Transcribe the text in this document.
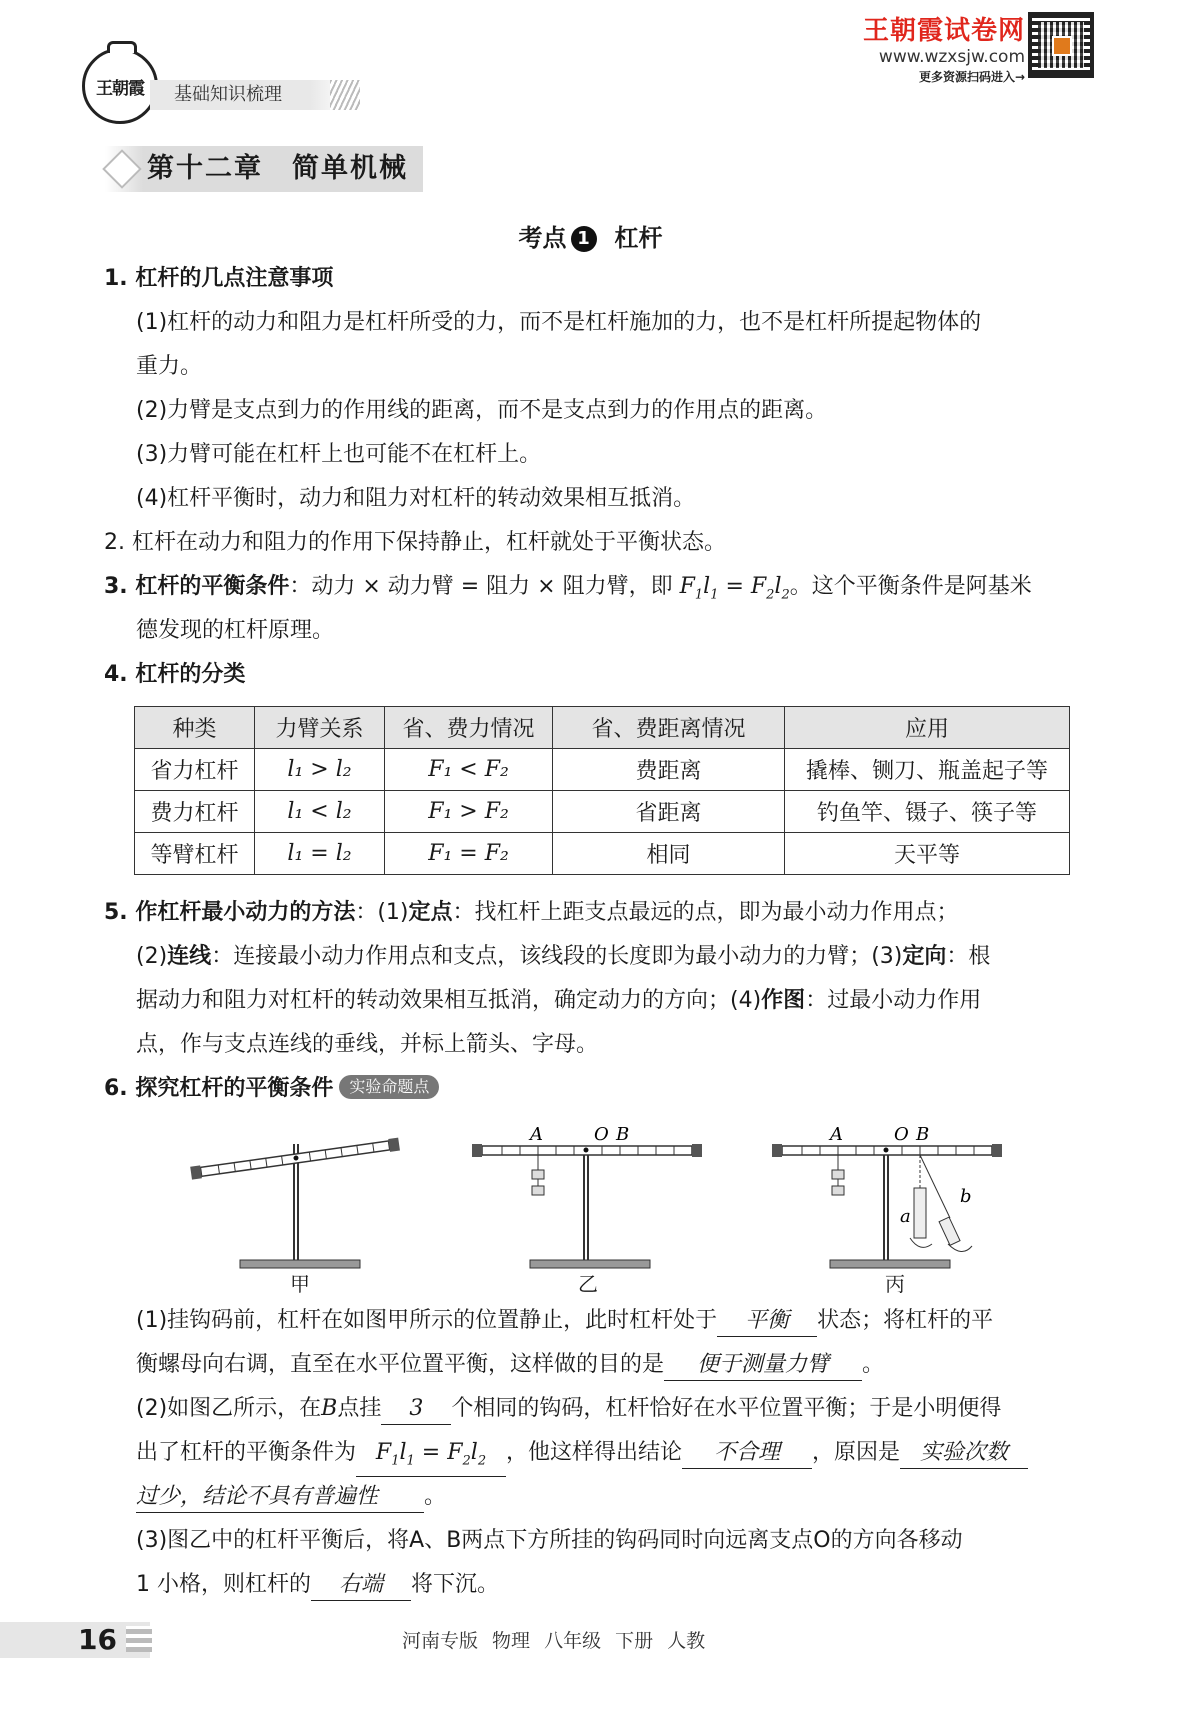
王朝霞	基础知识梳理
王朝霞试卷网
www.wzxsjw.com
更多资源扫码进入→
第十二章　简单机械
考点 1 杠杆
1. 杠杆的几点注意事项
(1)杠杆的动力和阻力是杠杆所受的力，而不是杠杆施加的力，也不是杠杆所提起物体的
重力。
(2)力臂是支点到力的作用线的距离，而不是支点到力的作用点的距离。
(3)力臂可能在杠杆上也可能不在杠杆上。
(4)杠杆平衡时，动力和阻力对杠杆的转动效果相互抵消。
2. 杠杆在动力和阻力的作用下保持静止，杠杆就处于平衡状态。
3. 杠杆的平衡条件：动力 × 动力臂 = 阻力 × 阻力臂，即 $F_1l_1 = F_2l_2$。这个平衡条件是阿基米
德发现的杠杆原理。
4. 杠杆的分类
种类	力臂关系	省、费力情况	省、费距离情况	应用
省力杠杆	l₁ > l₂	F₁ < F₂	费距离	撬棒、铡刀、瓶盖起子等
费力杠杆	l₁ < l₂	F₁ > F₂	省距离	钓鱼竿、镊子、筷子等
等臂杠杆	l₁ = l₂	F₁ = F₂	相同	天平等
5. 作杠杆最小动力的方法：(1)定点：找杠杆上距支点最远的点，即为最小动力作用点；
(2)连线：连接最小动力作用点和支点，该线段的长度即为最小动力的力臂；(3)定向：根
据动力和阻力对杠杆的转动效果相互抵消，确定动力的方向；(4)作图：过最小动力作用
点，作与支点连线的垂线，并标上箭头、字母。
6. 探究杠杆的平衡条件 实验命题点
甲
A	O B
乙
A	O B
a
b
丙
(1)挂钩码前，杠杆在如图甲所示的位置静止，此时杠杆处于 平衡 状态；将杠杆的平
衡螺母向右调，直至在水平位置平衡，这样做的目的是 便于测量力臂 。
(2)如图乙所示，在B点挂 3 个相同的钩码，杠杆恰好在水平位置平衡；于是小明便得
出了杠杆的平衡条件为 $F_1l_1 = F_2l_2$ ，他这样得出结论 不合理 ，原因是 实验次数
过少，结论不具有普遍性 。
(3)图乙中的杠杆平衡后，将A、B两点下方所挂的钩码同时向远离支点O的方向各移动
1 小格，则杠杆的 右端 将下沉。
16	河南专版 物理 八年级 下册 人教
